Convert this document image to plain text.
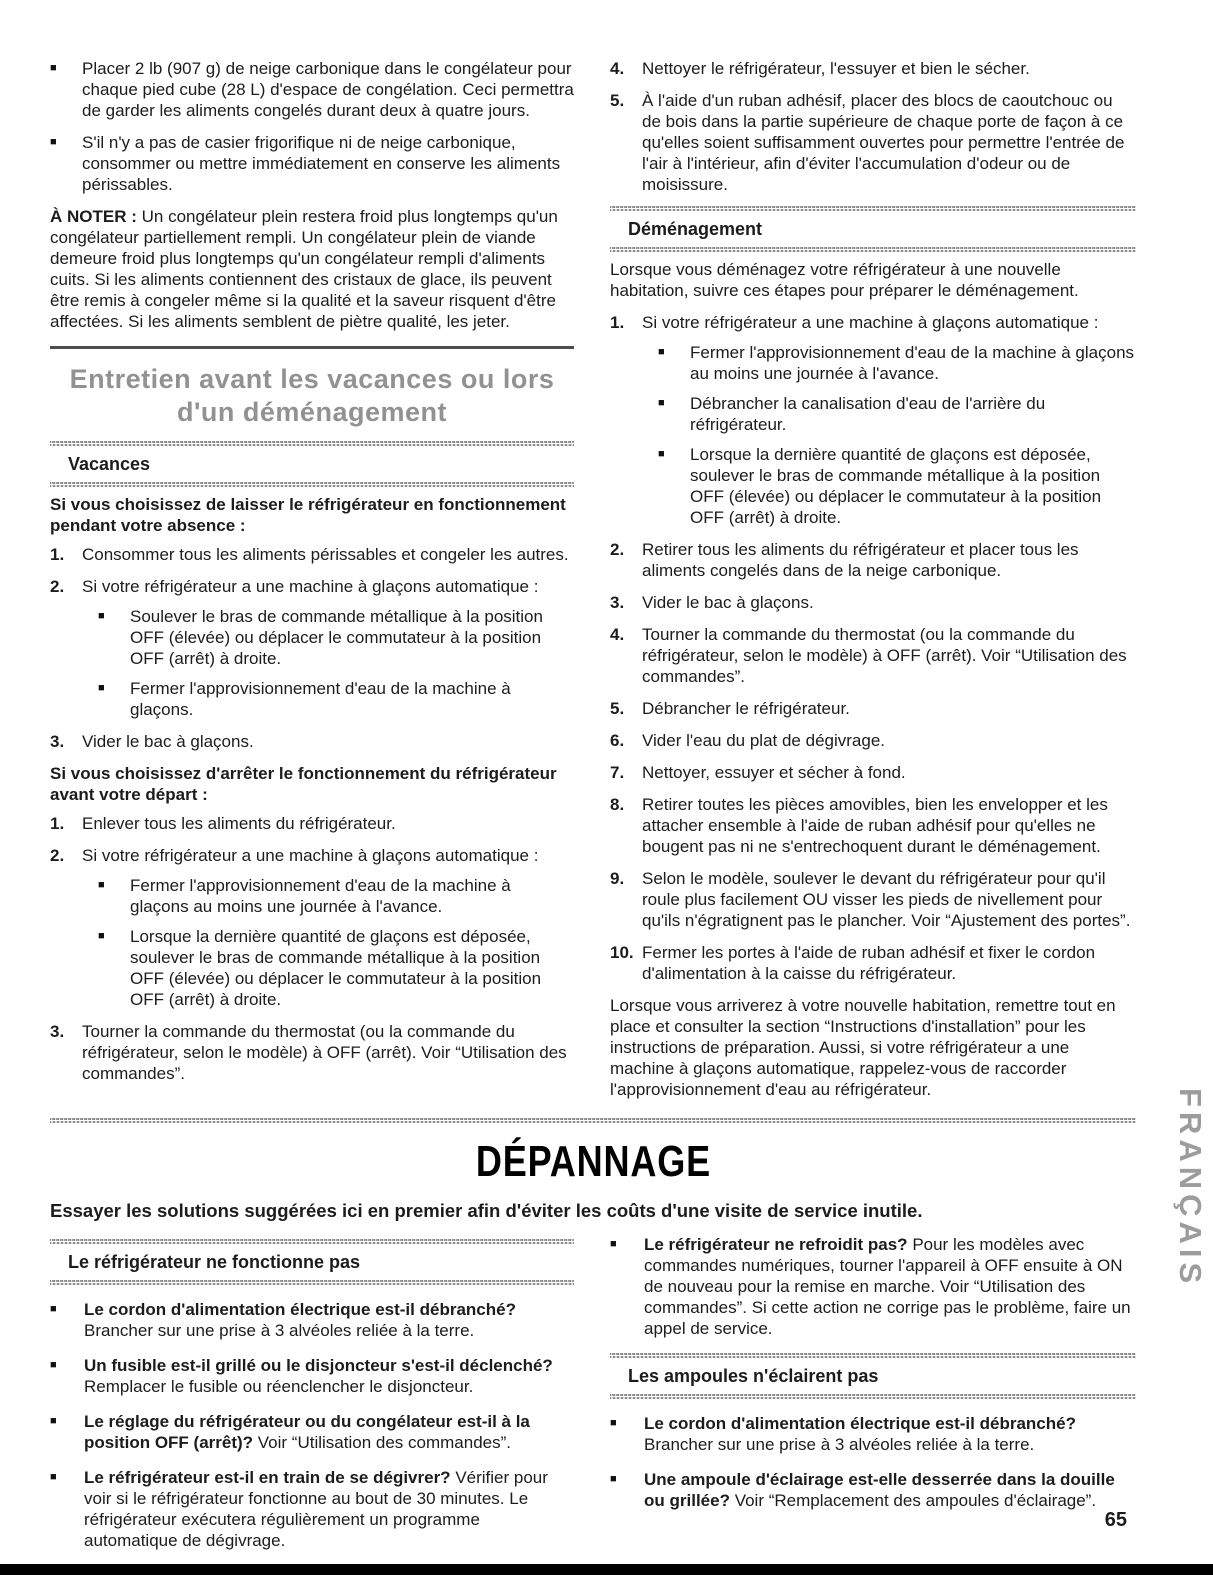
■	Placer 2 lb (907 g) de neige carbonique dans le congélateur pour chaque pied cube (28 L) d'espace de congélation. Ceci permettra de garder les aliments congelés durant deux à quatre jours.
■	S'il n'y a pas de casier frigorifique ni de neige carbonique, consommer ou mettre immédiatement en conserve les aliments périssables.

À NOTER : Un congélateur plein restera froid plus longtemps qu'un congélateur partiellement rempli. Un congélateur plein de viande demeure froid plus longtemps qu'un congélateur rempli d'aliments cuits. Si les aliments contiennent des cristaux de glace, ils peuvent être remis à congeler même si la qualité et la saveur risquent d'être affectées. Si les aliments semblent de piètre qualité, les jeter.

Entretien avant les vacances ou lors
d'un déménagement
Vacances

Si vous choisissez de laisser le réfrigérateur en fonctionnement pendant votre absence :

1.	Consommer tous les aliments périssables et congeler les autres.
2.	Si votre réfrigérateur a une machine à glaçons automatique :
■	Soulever le bras de commande métallique à la position OFF (élevée) ou déplacer le commutateur à la position OFF (arrêt) à droite.
■	Fermer l'approvisionnement d'eau de la machine à glaçons.
3.	Vider le bac à glaçons.

Si vous choisissez d'arrêter le fonctionnement du réfrigérateur avant votre départ :

1.	Enlever tous les aliments du réfrigérateur.
2.	Si votre réfrigérateur a une machine à glaçons automatique :
■	Fermer l'approvisionnement d'eau de la machine à glaçons au moins une journée à l'avance.
■	Lorsque la dernière quantité de glaçons est déposée, soulever le bras de commande métallique à la position OFF (élevée) ou déplacer le commutateur à la position OFF (arrêt) à droite.
3.	Tourner la commande du thermostat (ou la commande du réfrigérateur, selon le modèle) à OFF (arrêt). Voir “Utilisation des commandes”.
4.	Nettoyer le réfrigérateur, l'essuyer et bien le sécher.
5.	À l'aide d'un ruban adhésif, placer des blocs de caoutchouc ou de bois dans la partie supérieure de chaque porte de façon à ce qu'elles soient suffisamment ouvertes pour permettre l'entrée de l'air à l'intérieur, afin d'éviter l'accumulation d'odeur ou de moisissure.
Déménagement

Lorsque vous déménagez votre réfrigérateur à une nouvelle habitation, suivre ces étapes pour préparer le déménagement.

1.	Si votre réfrigérateur a une machine à glaçons automatique :
■	Fermer l'approvisionnement d'eau de la machine à glaçons au moins une journée à l'avance.
■	Débrancher la canalisation d'eau de l'arrière du réfrigérateur.
■	Lorsque la dernière quantité de glaçons est déposée, soulever le bras de commande métallique à la position OFF (élevée) ou déplacer le commutateur à la position OFF (arrêt) à droite.
2.	Retirer tous les aliments du réfrigérateur et placer tous les aliments congelés dans de la neige carbonique.
3.	Vider le bac à glaçons.
4.	Tourner la commande du thermostat (ou la commande du réfrigérateur, selon le modèle) à OFF (arrêt). Voir “Utilisation des commandes”.
5.	Débrancher le réfrigérateur.
6.	Vider l'eau du plat de dégivrage.
7.	Nettoyer, essuyer et sécher à fond.
8.	Retirer toutes les pièces amovibles, bien les envelopper et les attacher ensemble à l'aide de ruban adhésif pour qu'elles ne bougent pas ni ne s'entrechoquent durant le déménagement.
9.	Selon le modèle, soulever le devant du réfrigérateur pour qu'il roule plus facilement OU visser les pieds de nivellement pour qu'ils n'égratignent pas le plancher. Voir “Ajustement des portes”.
10. Fermer les portes à l'aide de ruban adhésif et fixer le cordon d'alimentation à la caisse du réfrigérateur.

Lorsque vous arriverez à votre nouvelle habitation, remettre tout en place et consulter la section “Instructions d'installation” pour les instructions de préparation. Aussi, si votre réfrigérateur a une machine à glaçons automatique, rappelez-vous de raccorder l'approvisionnement d'eau au réfrigérateur.

DÉPANNAGE

Essayer les solutions suggérées ici en premier afin d'éviter les coûts d'une visite de service inutile.

Le réfrigérateur ne fonctionne pas
■	Le cordon d'alimentation électrique est-il débranché? Brancher sur une prise à 3 alvéoles reliée à la terre.
■	Un fusible est-il grillé ou le disjoncteur s'est-il déclenché? Remplacer le fusible ou réenclencher le disjoncteur.
■	Le réglage du réfrigérateur ou du congélateur est-il à la position OFF (arrêt)? Voir “Utilisation des commandes”.
■	Le réfrigérateur est-il en train de se dégivrer? Vérifier pour voir si le réfrigérateur fonctionne au bout de 30 minutes. Le réfrigérateur exécutera régulièrement un programme automatique de dégivrage.
■	Le réfrigérateur ne refroidit pas? Pour les modèles avec commandes numériques, tourner l'appareil à OFF ensuite à ON de nouveau pour la remise en marche. Voir “Utilisation des commandes”. Si cette action ne corrige pas le problème, faire un appel de service.
Les ampoules n'éclairent pas
■	Le cordon d'alimentation électrique est-il débranché? Brancher sur une prise à 3 alvéoles reliée à la terre.
■	Une ampoule d'éclairage est-elle desserrée dans la douille ou grillée? Voir “Remplacement des ampoules d'éclairage”.
FRANÇAIS
65
